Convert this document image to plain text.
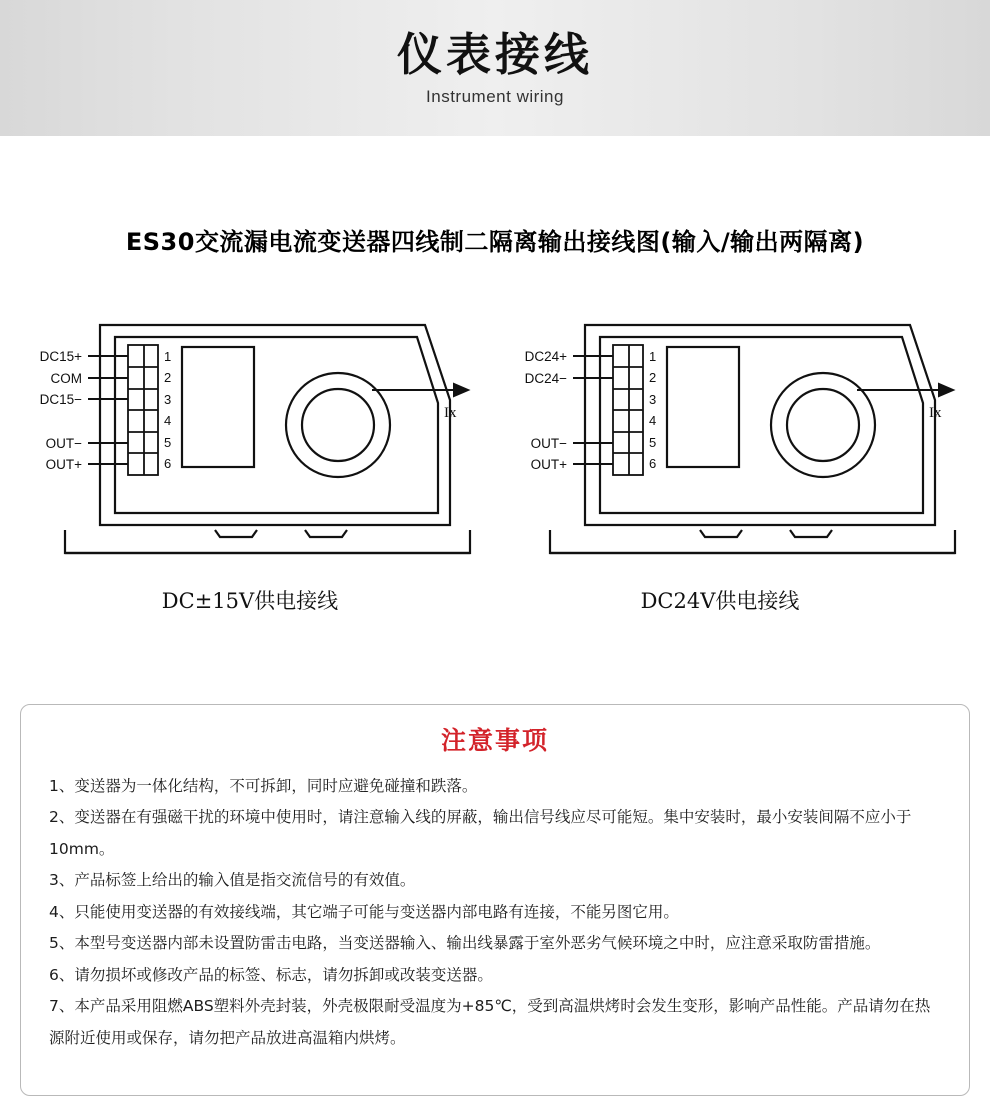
仪表接线
Instrument wiring
ES30交流漏电流变送器四线制二隔离输出接线图(输入/输出两隔离)
1
2
3
4
5
6
Ix
DC15+
COM
DC15−
OUT−
OUT+
1
2
3
4
5
6
Ix
DC24+
DC24−
OUT−
OUT+
DC±15V供电接线	DC24V供电接线
注意事项

1、变送器为一体化结构，不可拆卸，同时应避免碰撞和跌落。

2、变送器在有强磁干扰的环境中使用时，请注意输入线的屏蔽，输出信号线应尽可能短。集中安装时，最小安装间隔不应小于10mm。

3、产品标签上给出的输入值是指交流信号的有效值。

4、只能使用变送器的有效接线端，其它端子可能与变送器内部电路有连接，不能另图它用。

5、本型号变送器内部未设置防雷击电路，当变送器输入、输出线暴露于室外恶劣气候环境之中时，应注意采取防雷措施。

6、请勿损坏或修改产品的标签、标志，请勿拆卸或改装变送器。

7、本产品采用阻燃ABS塑料外壳封装，外壳极限耐受温度为+85℃，受到高温烘烤时会发生变形，影响产品性能。产品请勿在热源附近使用或保存，请勿把产品放进高温箱内烘烤。
